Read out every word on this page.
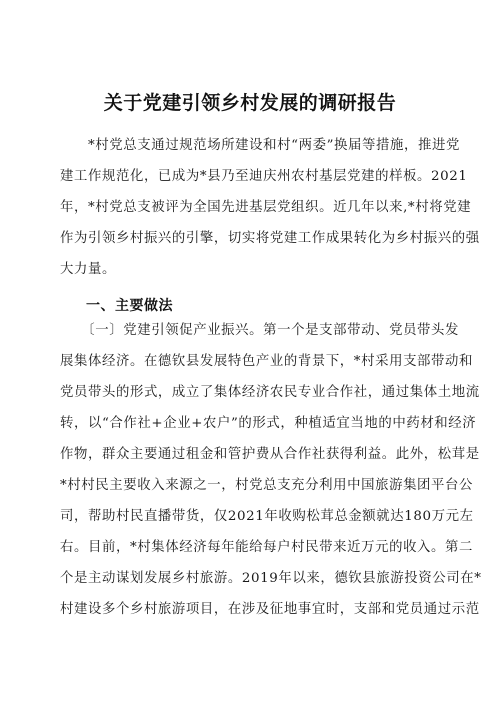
关于党建引领乡村发展的调研报告
　　*村党总支通过规范场所建设和村“两委”换届等措施，推进党
建工作规范化，已成为*县乃至迪庆州农村基层党建的样板。2021
年，*村党总支被评为全国先进基层党组织。近几年以来,*村将党建
作为引领乡村振兴的引擎，切实将党建工作成果转化为乡村振兴的强
大力量。
一、主要做法
　　〔一〕党建引领促产业振兴。第一个是支部带动、党员带头发
展集体经济。在德钦县发展特色产业的背景下，*村采用支部带动和
党员带头的形式，成立了集体经济农民专业合作社，通过集体土地流
转，以“合作社+企业+农户”的形式，种植适宜当地的中药材和经济
作物，群众主要通过租金和管护费从合作社获得利益。此外，松茸是
*村村民主要收入来源之一，村党总支充分利用中国旅游集团平台公
司，帮助村民直播带货，仅2021年收购松茸总金额就达180万元左
右。目前，*村集体经济每年能给每户村民带来近万元的收入。第二
个是主动谋划发展乡村旅游。2019年以来，德钦县旅游投资公司在*
村建设多个乡村旅游项目，在涉及征地事宜时，支部和党员通过示范
